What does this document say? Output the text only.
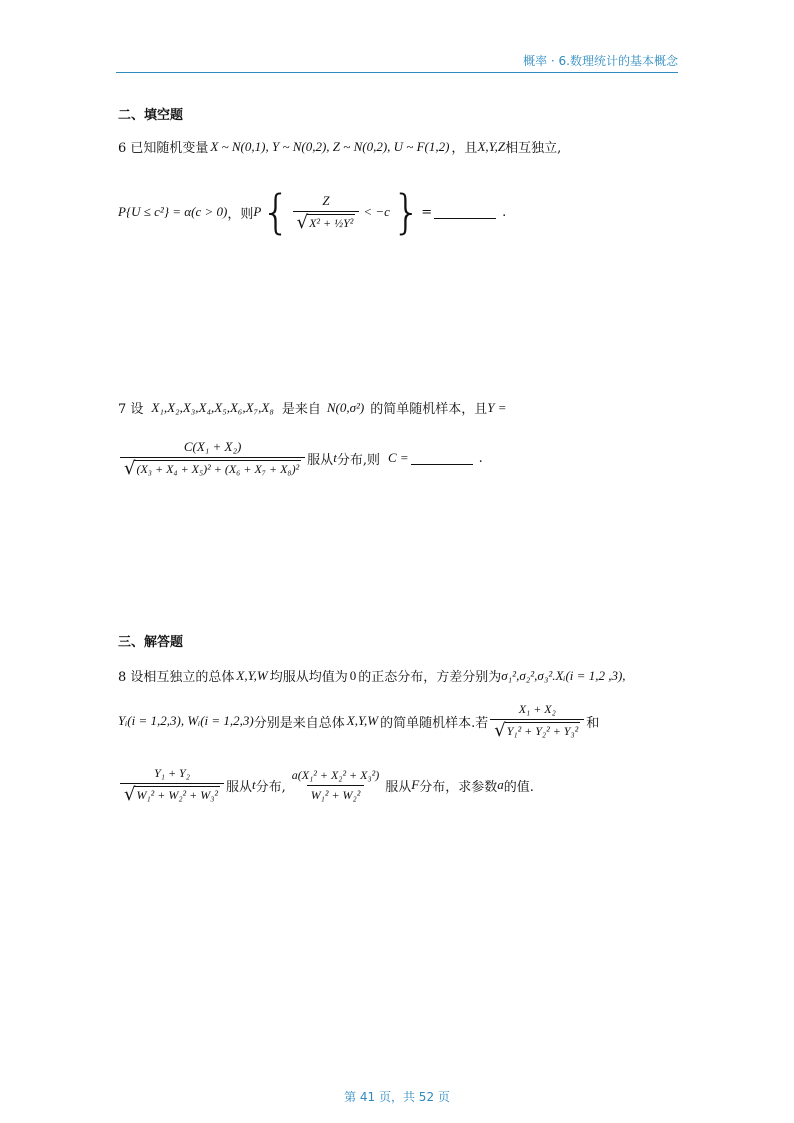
概率 · 6.数理统计的基本概念
二、填空题
6 已知随机变量 X ~ N(0,1), Y ~ N(0,2), Z ~ N(0,2), U ~ F(1,2) ，且 X,Y,Z 相互独立,
P{U ≤ c²} = α(c > 0) ，则 P { $\frac{Z}{\text{√ X² + ½Y²}} < -c$ } =	.
7 设 X₁,X₂,X₃,X₄,X₅,X₆,X₇,X₈ 是来自 N(0,σ²) 的简单随机样本，且 Y =
$\frac{\text{C(X₁ + X₂)}}{\text{√ (X₃ + X₄ + X₅)² + (X₆ + X₇ + X₈)²}}$ 服从 t 分布,则 C =	.
三、解答题
8 设相互独立的总体 X,Y,W 均服从均值为 0 的正态分布，方差分别为 σ₁²,σ₂²,σ₃². Xᵢ(i = 1,2 ,3),
Yᵢ(i = 1,2,3), Wᵢ(i = 1,2,3) 分别是来自总体 X,Y,W 的简单随机样本.若 $\frac{\text{X₁ + X₂}}{\text{√ Y₁² + Y₂² + Y₃²}}$ 和
$\frac{\text{Y₁ + Y₂}}{\text{√ W₁² + W₂² + W₃²}}$ 服从 t 分布, $\frac{\text{a(X₁² + X₂² + X₃²)}}{\text{W₁² + W₂²}}$ 服从 F 分布，求参数 a 的值.
第 41 页，共 52 页
